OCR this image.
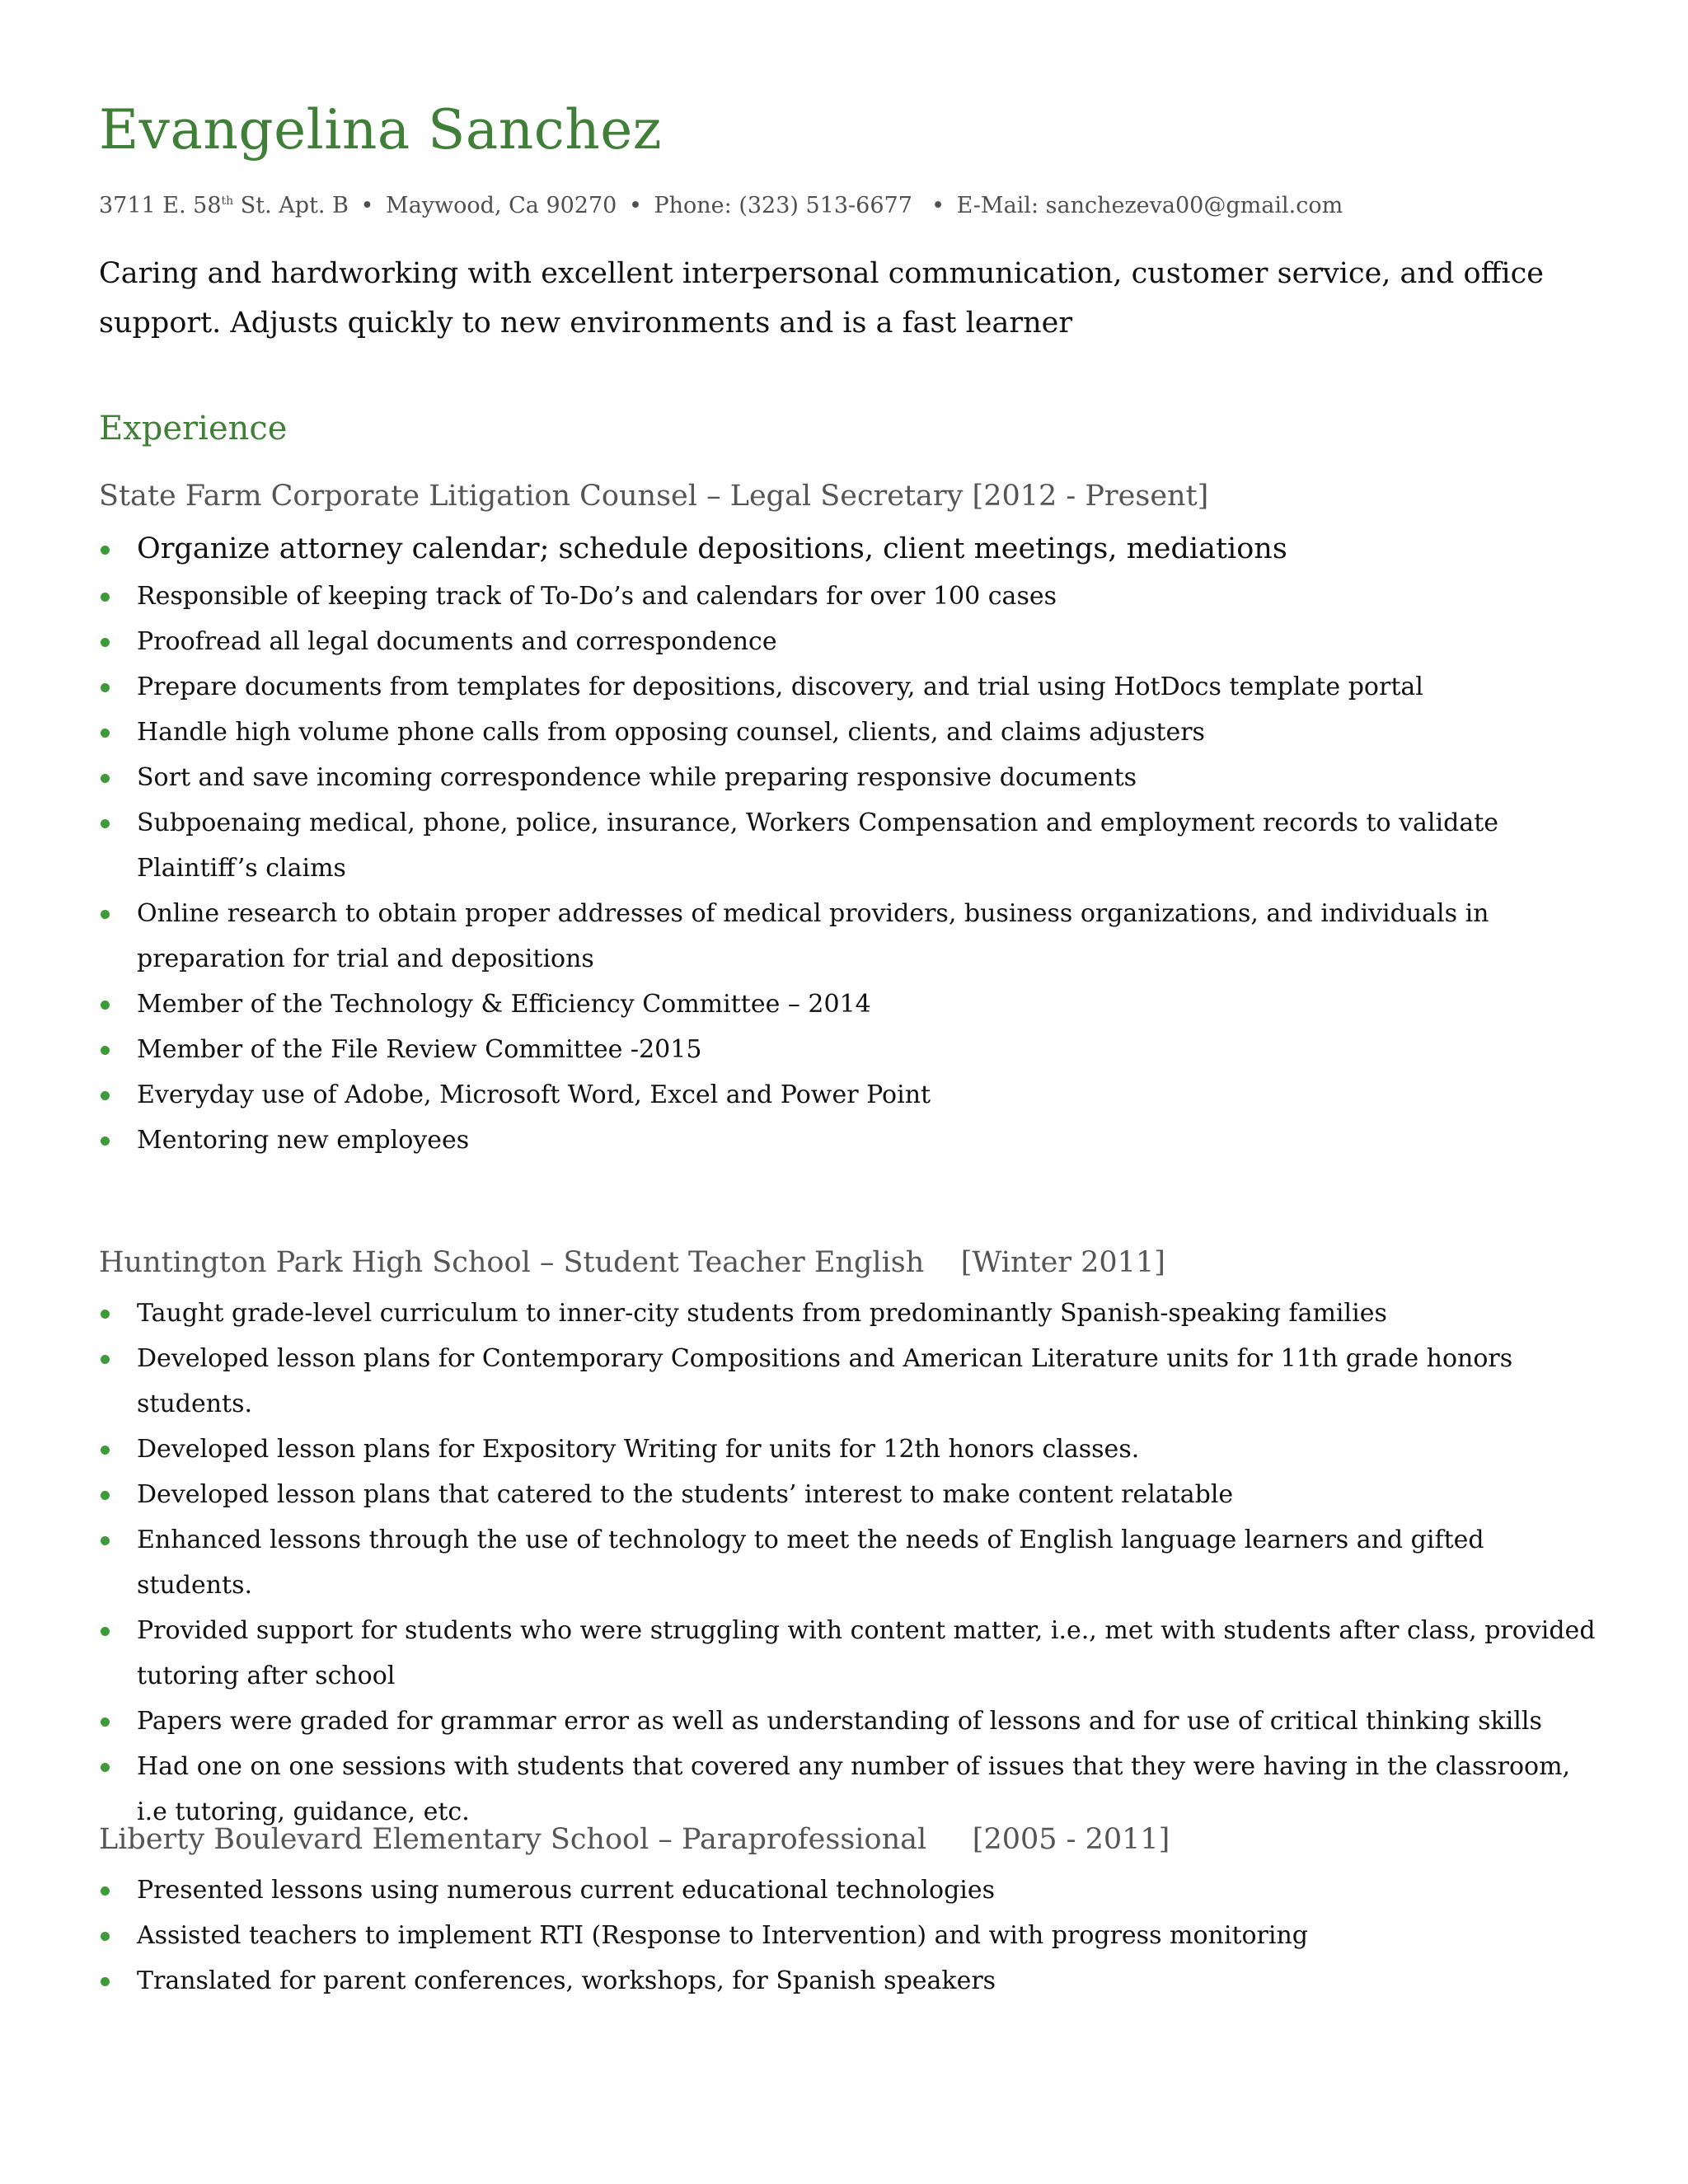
Evangelina Sanchez
3711 E. 58th St. Apt. B • Maywood, Ca 90270 • Phone: (323) 513-6677 • E-Mail: sanchezeva00@gmail.com

Caring and hardworking with excellent interpersonal communication, customer service, and office support. Adjusts quickly to new environments and is a fast learner

Experience
State Farm Corporate Litigation Counsel – Legal Secretary [2012 - Present]
Organize attorney calendar; schedule depositions, client meetings, mediations
Responsible of keeping track of To-Do’s and calendars for over 100 cases
Proofread all legal documents and correspondence
Prepare documents from templates for depositions, discovery, and trial using HotDocs template portal
Handle high volume phone calls from opposing counsel, clients, and claims adjusters
Sort and save incoming correspondence while preparing responsive documents
Subpoenaing medical, phone, police, insurance, Workers Compensation and employment records to validate Plaintiff’s claims
Online research to obtain proper addresses of medical providers, business organizations, and individuals in preparation for trial and depositions
Member of the Technology & Efficiency Committee – 2014
Member of the File Review Committee -2015
Everyday use of Adobe, Microsoft Word, Excel and Power Point
Mentoring new employees
Huntington Park High School – Student Teacher English    [Winter 2011]
Taught grade-level curriculum to inner-city students from predominantly Spanish-speaking families
Developed lesson plans for Contemporary Compositions and American Literature units for 11th grade honors students.
Developed lesson plans for Expository Writing for units for 12th honors classes.
Developed lesson plans that catered to the students’ interest to make content relatable
Enhanced lessons through the use of technology to meet the needs of English language learners and gifted students.
Provided support for students who were struggling with content matter, i.e., met with students after class, provided tutoring after school
Papers were graded for grammar error as well as understanding of lessons and for use of critical thinking skills
Had one on one sessions with students that covered any number of issues that they were having in the classroom, i.e tutoring, guidance, etc.
Liberty Boulevard Elementary School – Paraprofessional     [2005 - 2011]
Presented lessons using numerous current educational technologies
Assisted teachers to implement RTI (Response to Intervention) and with progress monitoring
Translated for parent conferences, workshops, for Spanish speakers
